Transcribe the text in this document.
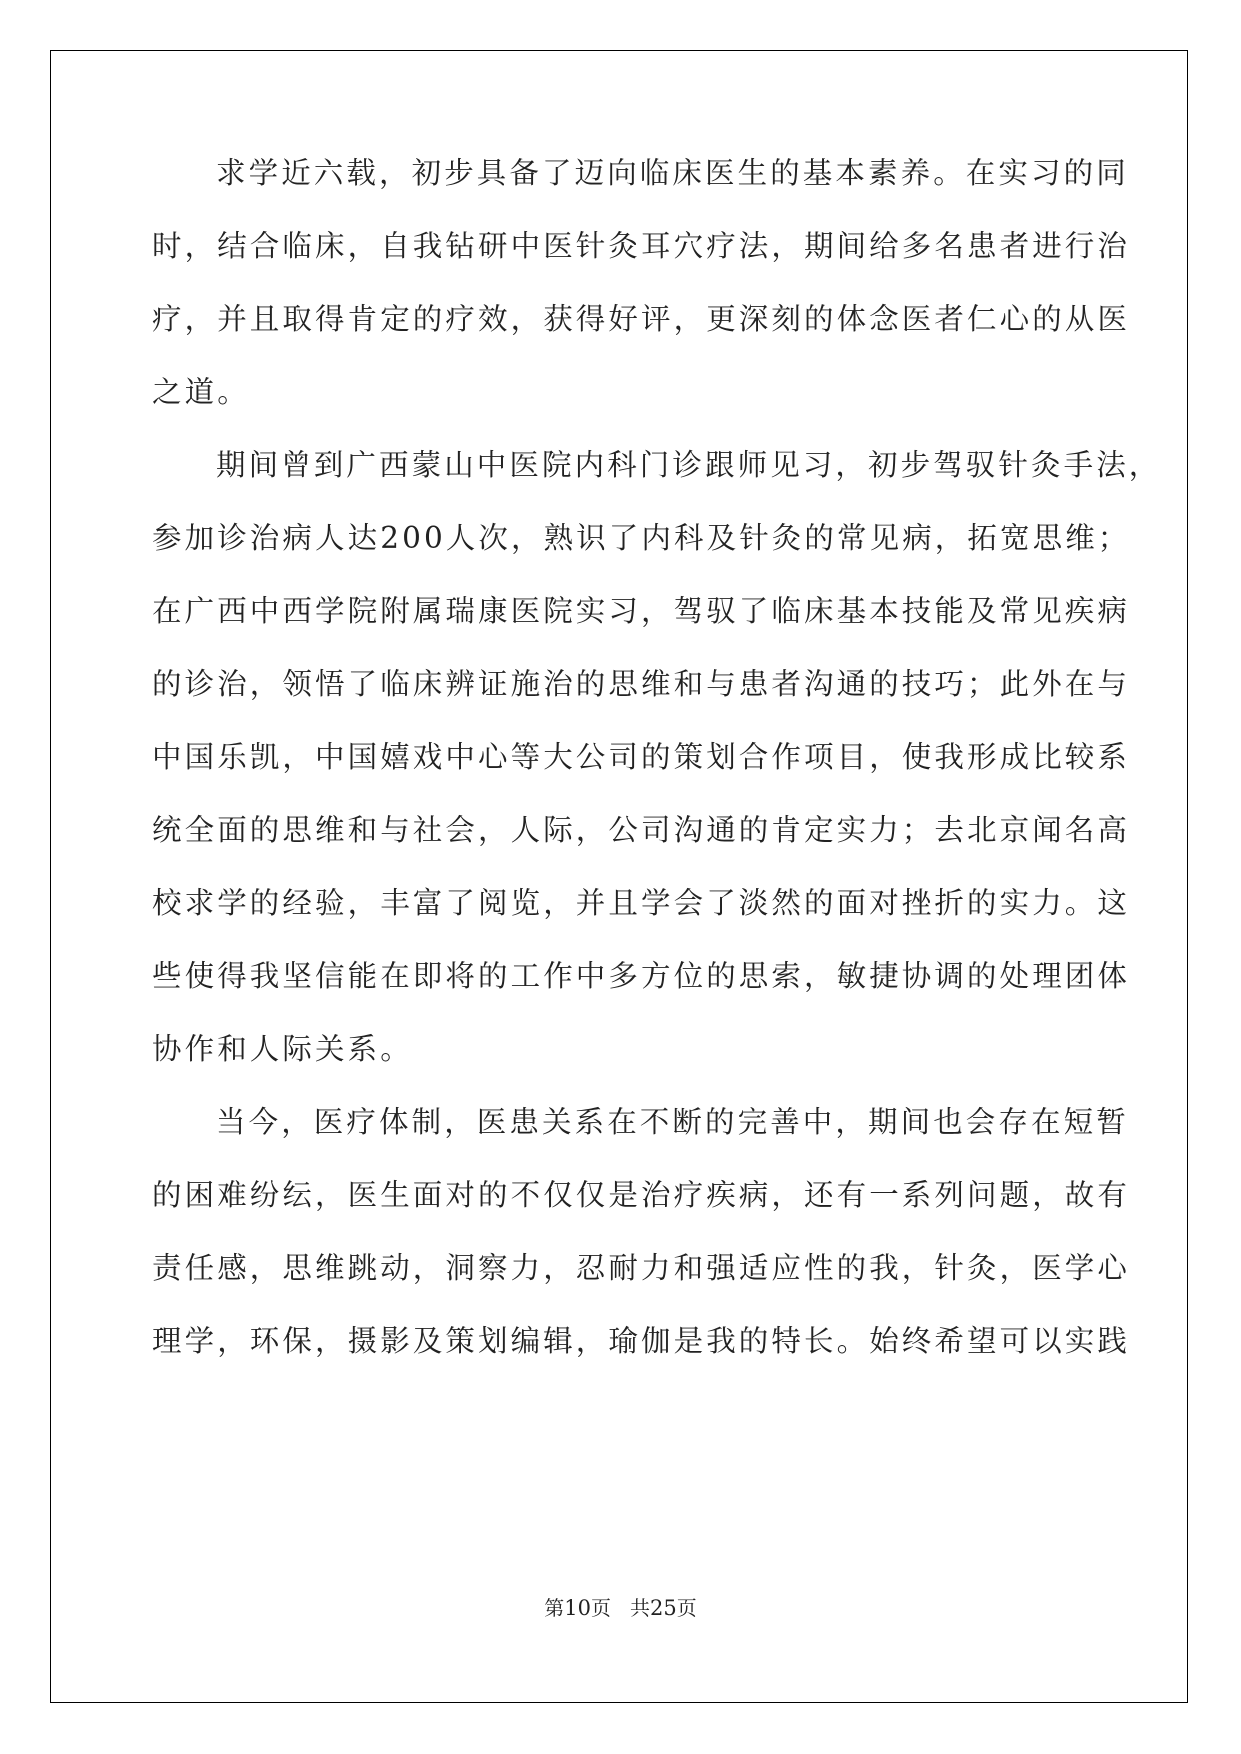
求学近六载，初步具备了迈向临床医生的基本素养。在实习的同
时，结合临床，自我钻研中医针灸耳穴疗法，期间给多名患者进行治
疗，并且取得肯定的疗效，获得好评，更深刻的体念医者仁心的从医
之道。
期间曾到广西蒙山中医院内科门诊跟师见习，初步驾驭针灸手法，
参加诊治病人达200人次，熟识了内科及针灸的常见病，拓宽思维；
在广西中西学院附属瑞康医院实习，驾驭了临床基本技能及常见疾病
的诊治，领悟了临床辨证施治的思维和与患者沟通的技巧；此外在与
中国乐凯，中国嬉戏中心等大公司的策划合作项目，使我形成比较系
统全面的思维和与社会，人际，公司沟通的肯定实力；去北京闻名高
校求学的经验，丰富了阅览，并且学会了淡然的面对挫折的实力。这
些使得我坚信能在即将的工作中多方位的思索，敏捷协调的处理团体
协作和人际关系。
当今，医疗体制，医患关系在不断的完善中，期间也会存在短暂
的困难纷纭，医生面对的不仅仅是治疗疾病，还有一系列问题，故有
责任感，思维跳动，洞察力，忍耐力和强适应性的我，针灸，医学心
理学，环保，摄影及策划编辑，瑜伽是我的特长。始终希望可以实践
第10页 共25页
